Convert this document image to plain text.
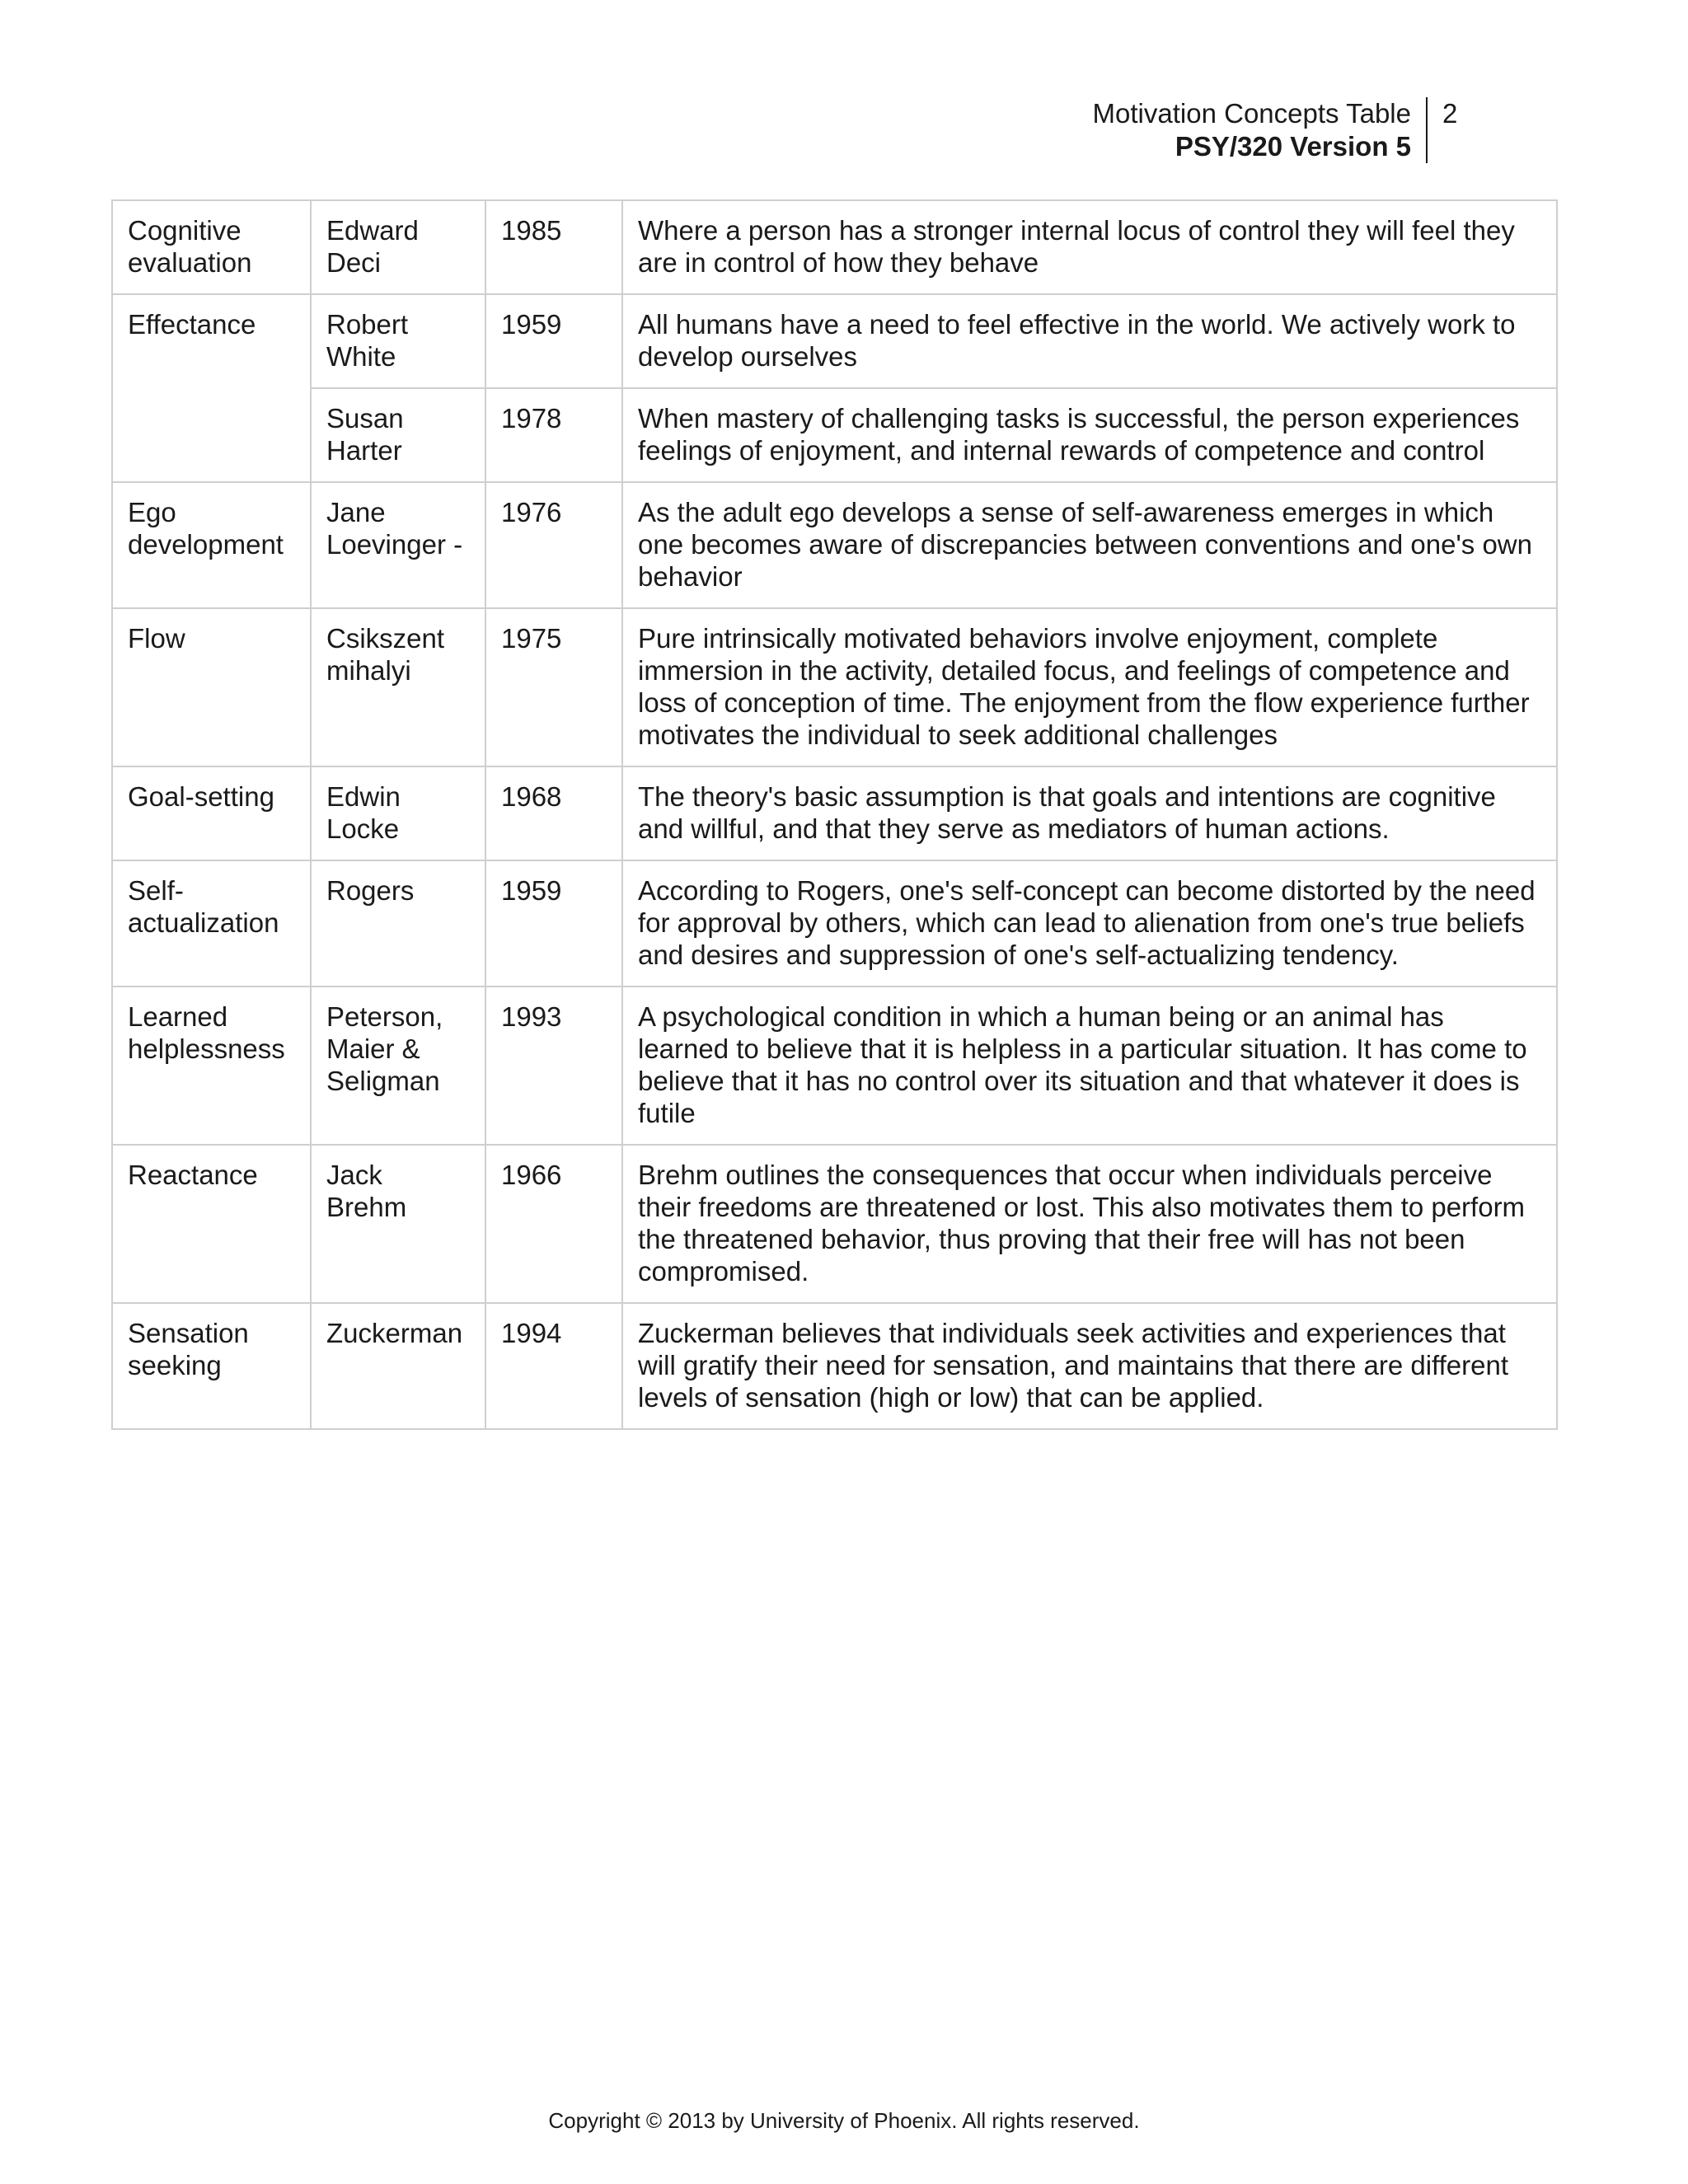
Motivation Concepts Table
PSY/320 Version 5
2
Cognitive evaluation	Edward Deci	1985	Where a person has a stronger internal locus of control they will feel they are in control of how they behave
Effectance	Robert White	1959	All humans have a need to feel effective in the world. We actively work to develop ourselves
	Susan Harter	1978	When mastery of challenging tasks is successful, the person experiences feelings of enjoyment, and internal rewards of competence and control
Ego development	Jane Loevinger -	1976	As the adult ego develops a sense of self-awareness emerges in which one becomes aware of discrepancies between conventions and one's own behavior
Flow	Csikszent mihalyi	1975	Pure intrinsically motivated behaviors involve enjoyment, complete immersion in the activity, detailed focus, and feelings of competence and loss of conception of time. The enjoyment from the flow experience further motivates the individual to seek additional challenges
Goal-setting	Edwin Locke	1968	The theory's basic assumption is that goals and intentions are cognitive and willful, and that they serve as mediators of human actions.
Self-actualization	Rogers	1959	According to Rogers, one's self-concept can become distorted by the need for approval by others, which can lead to alienation from one's true beliefs and desires and suppression of one's self-actualizing tendency.
Learned helplessness	Peterson, Maier & Seligman	1993	A psychological condition in which a human being or an animal has learned to believe that it is helpless in a particular situation. It has come to believe that it has no control over its situation and that whatever it does is futile
Reactance	Jack Brehm	1966	Brehm outlines the consequences that occur when individuals perceive their freedoms are threatened or lost. This also motivates them to perform the threatened behavior, thus proving that their free will has not been compromised.
Sensation seeking	Zuckerman	1994	Zuckerman believes that individuals seek activities and experiences that will gratify their need for sensation, and maintains that there are different levels of sensation (high or low) that can be applied.
Copyright © 2013 by University of Phoenix. All rights reserved.
